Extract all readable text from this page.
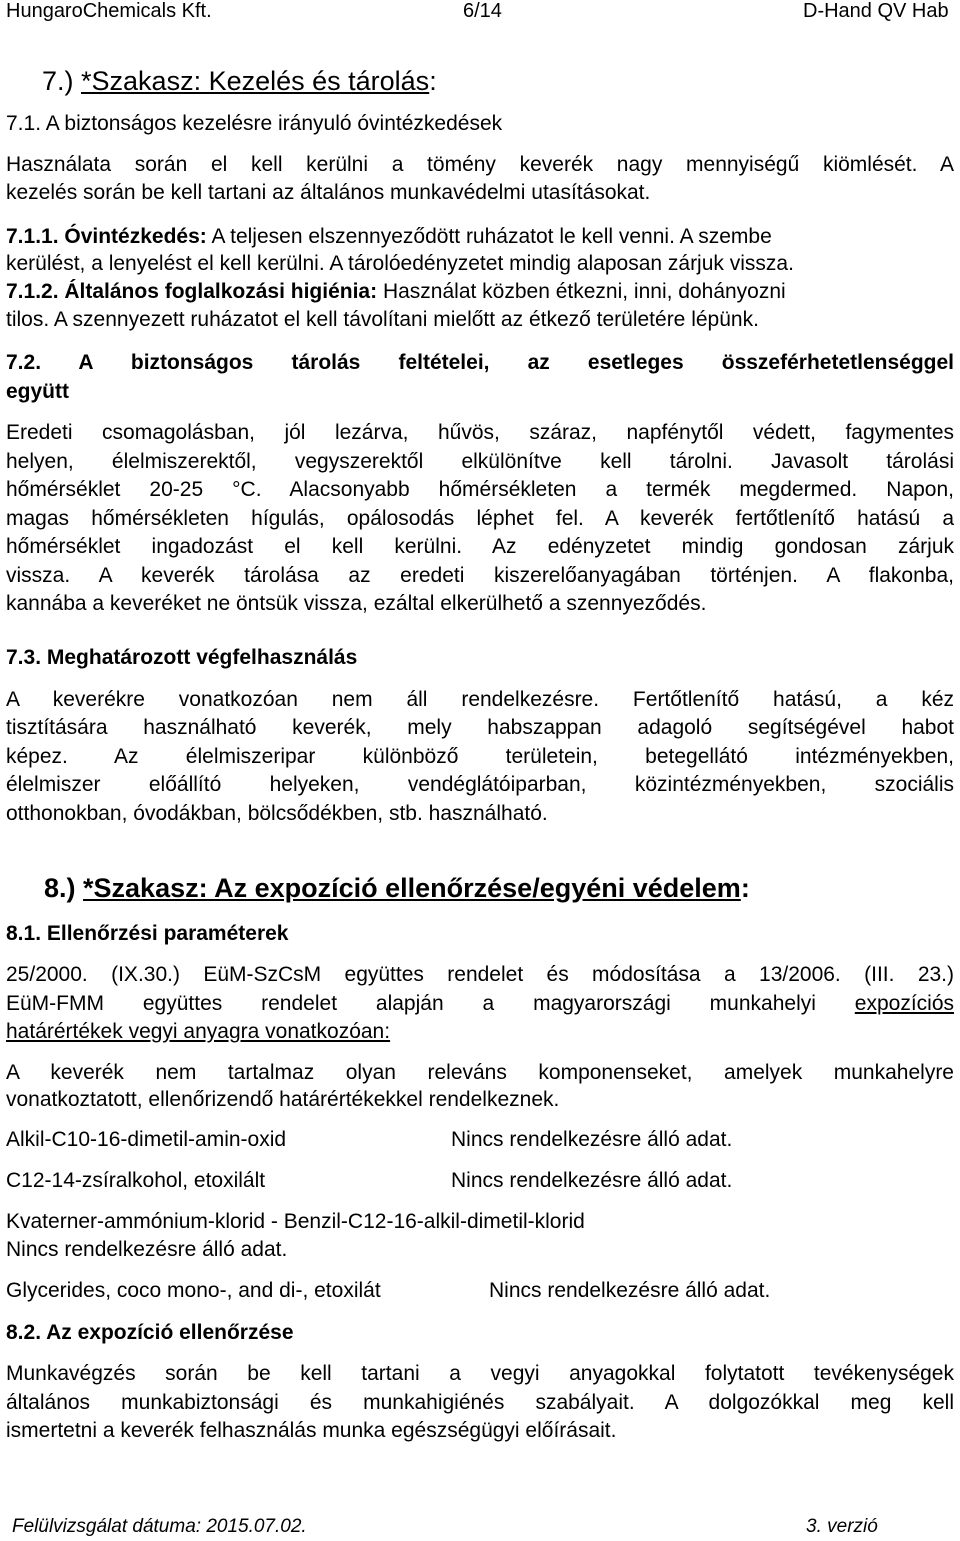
HungaroChemicals Kft.	6/14	D-Hand QV Hab
7.) *Szakasz: Kezelés és tárolás:
7.1. A biztonságos kezelésre irányuló óvintézkedések
Használata során el kell kerülni a tömény keverék nagy mennyiségű kiömlését. A
kezelés során be kell tartani az általános munkavédelmi utasításokat.
7.1.1. Óvintézkedés: A teljesen elszennyeződött ruházatot le kell venni. A szembe
kerülést, a lenyelést el kell kerülni. A tárolóedényzetet mindig alaposan zárjuk vissza.
7.1.2. Általános foglalkozási higiénia: Használat közben étkezni, inni, dohányozni
tilos. A szennyezett ruházatot el kell távolítani mielőtt az étkező területére lépünk.
7.2. A biztonságos tárolás feltételei, az esetleges összeférhetetlenséggel
együtt
Eredeti csomagolásban, jól lezárva, hűvös, száraz, napfénytől védett, fagymentes
helyen, élelmiszerektől, vegyszerektől elkülönítve kell tárolni. Javasolt tárolási
hőmérséklet 20-25 °C. Alacsonyabb hőmérsékleten a termék megdermed. Napon,
magas hőmérsékleten hígulás, opálosodás léphet fel. A keverék fertőtlenítő hatású a
hőmérséklet ingadozást el kell kerülni. Az edényzetet mindig gondosan zárjuk
vissza. A keverék tárolása az eredeti kiszerelőanyagában történjen. A flakonba,
kannába a keveréket ne öntsük vissza, ezáltal elkerülhető a szennyeződés.
7.3. Meghatározott végfelhasználás
A keverékre vonatkozóan nem áll rendelkezésre. Fertőtlenítő hatású, a kéz
tisztítására használható keverék, mely habszappan adagoló segítségével habot
képez. Az élelmiszeripar különböző területein, betegellátó intézményekben,
élelmiszer előállító helyeken, vendéglátóiparban, közintézményekben, szociális
otthonokban, óvodákban, bölcsődékben, stb. használható.
8.) *Szakasz: Az expozíció ellenőrzése/egyéni védelem:
8.1. Ellenőrzési paraméterek
25/2000. (IX.30.) EüM-SzCsM együttes rendelet és módosítása a 13/2006. (III. 23.)
EüM-FMM együttes rendelet alapján a magyarországi munkahelyi expozíciós
határértékek vegyi anyagra vonatkozóan:
A keverék nem tartalmaz olyan releváns komponenseket, amelyek munkahelyre
vonatkoztatott, ellenőrizendő határértékekkel rendelkeznek.
Alkil-C10-16-dimetil-amin-oxid	Nincs rendelkezésre álló adat.
C12-14-zsíralkohol, etoxilált	Nincs rendelkezésre álló adat.
Kvaterner-ammónium-klorid - Benzil-C12-16-alkil-dimetil-klorid
Nincs rendelkezésre álló adat.
Glycerides, coco mono-, and di-, etoxilát	Nincs rendelkezésre álló adat.
8.2. Az expozíció ellenőrzése
Munkavégzés során be kell tartani a vegyi anyagokkal folytatott tevékenységek
általános munkabiztonsági és munkahigiénés szabályait. A dolgozókkal meg kell
ismertetni a keverék felhasználás munka egészségügyi előírásait.
Felülvizsgálat dátuma: 2015.07.02.	3. verzió
